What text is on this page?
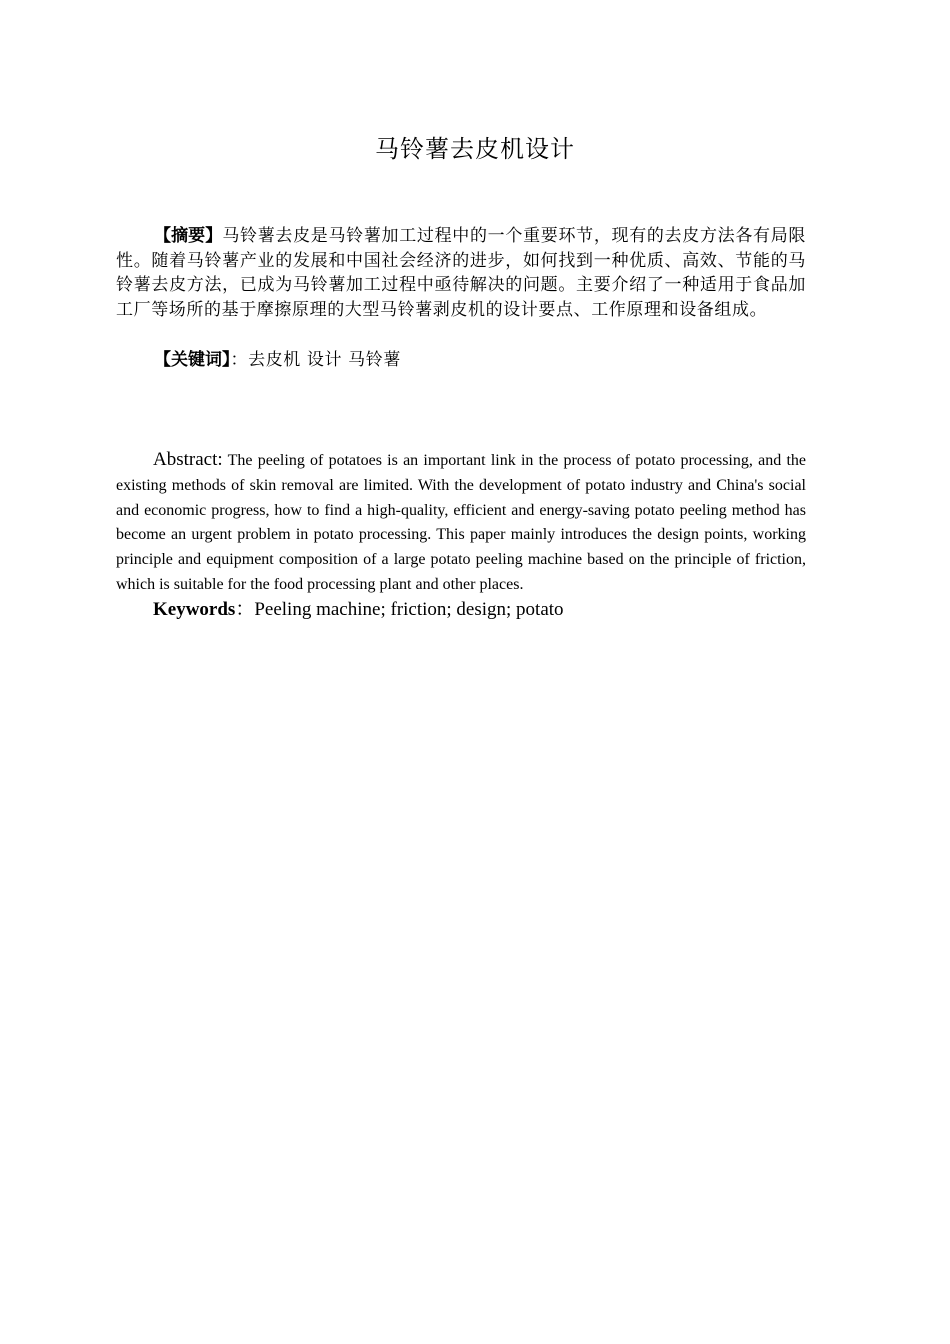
马铃薯去皮机设计
【摘要】马铃薯去皮是马铃薯加工过程中的一个重要环节，现有的去皮方法各有局限性。随着马铃薯产业的发展和中国社会经济的进步，如何找到一种优质、高效、节能的马铃薯去皮方法，已成为马铃薯加工过程中亟待解决的问题。主要介绍了一种适用于食品加工厂等场所的基于摩擦原理的大型马铃薯剥皮机的设计要点、工作原理和设备组成。
【关键词】：去皮机 设计 马铃薯
Abstract: The peeling of potatoes is an important link in the process of potato processing, and the existing methods of skin removal are limited. With the development of potato industry and China's social and economic progress, how to find a high-quality, efficient and energy-saving potato peeling method has become an urgent problem in potato processing. This paper mainly introduces the design points, working principle and equipment composition of a large potato peeling machine based on the principle of friction, which is suitable for the food processing plant and other places.
Keywords：Peeling machine; friction; design; potato
